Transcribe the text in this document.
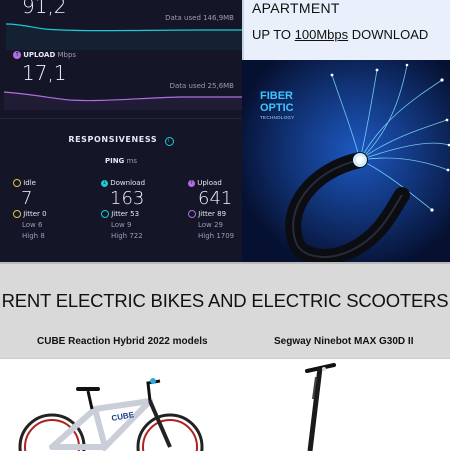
91,2	Data used 146,9MB
↑ UPLOAD Mbps
17,1
Data used 25,6MB
RESPONSIVENESS i
PING ms
Idle
7
Jitter 0
Low 6
High 8
↓ Download
163
Jitter 53
Low 9
High 722
↑ Upload
641
Jitter 89
Low 29
High 1709
APARTMENT
UP TO 100Mbps DOWNLOAD
FIBER
OPTIC
TECHNOLOGY
RENT ELECTRIC BIKES AND ELECTRIC SCOOTERS
CUBE Reaction Hybrid 2022 models	Segway Ninebot MAX G30D II
CUBE
